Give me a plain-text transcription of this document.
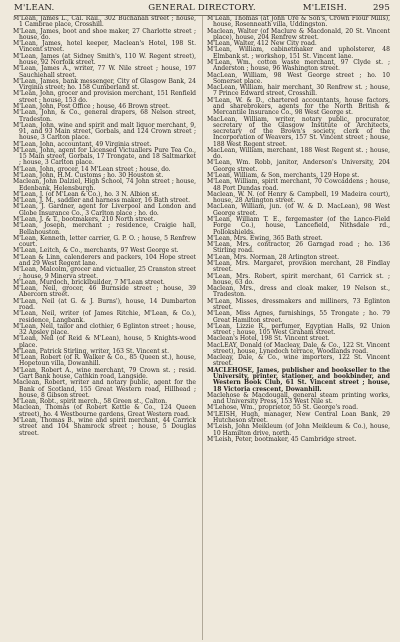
M'LEAN.	GENERAL DIRECTORY.	M'LEISH.	295

M'Lean, James L., Cal. Rail., 302 Buchanan street ; house, 1 Cambrae place, Crosshill.

M'Lean, James, boot and shoe maker, 27 Charlotte street ; house, do.

M'Lean, James, hotel keeper, Maclean's Hotel, 198 St. Vincent street.

M'Lean, James (at Sidney Smith's, 110 W. Regent street), house, 92 Norfolk street.

M'Lean, James A., writer, 77 W. Nile street ; house, 197 Sauchiehall street.

M'Lean, James, bank messenger, City of Glasgow Bank, 24 Virginia street; ho. 158 Cumberland st.

M'Lean, John, grocer and provision merchant, 151 Renfield street ; house, 153 do.

M'Lean, John, Post Office ; house, 46 Brown street.

M'Lean, John, & Co., general drapers, 68 Nelson street, Tradeston.

M'Lean, John, wine and spirit and malt liquor merchant, 9, 91, and 93 Main street, Gorbals, and 124 Crown street ; house, 3 Carlton place.

M'Lean, John, accountant, 49 Virginia street.

M'Lean, John, agent for Licensed Victuallers Pure Tea Co., 15 Main street, Gorbals, 17 Trongate, and 18 Saltmarket ; house, 3 Carlton place.

M'Lean, John, grocer, 14 M'Lean street ; house, do.

M'Lean, John, H.M. Customs ; ho. 30 Houston st.

Maclean, John Dalziel, High School, 74 John street ; house, Edenbank, Helensburgh.

M'Lean, J. (of M'Lean & Co.), ho. 3 N. Albion st.

M'Lean, J. M., saddler and harness maker, 16 Bath street.

M'Lean, J. Gardner, agent for Liverpool and London and Globe Insurance Co., 3 Carlton place ; ho. do.

M'Lean, J. & T., bootmakers, 210 North street.

M'Lean, Joseph, merchant ; residence, Craigie hall, Bellahouston.

M'Lean, Kenneth, letter carrier, G. P. O. ; house, 5 Renfrew court.

M'Lean, Leitch, & Co., merchants, 97 West George st.

M'Lean & Linn, calenderers and packers, 104 Hope street and 29 West Regent lane.

M'Lean, Malcolm, grocer and victualler, 25 Cranston street ; house, 9 Minerva street.

M'Lean, Murdoch, bricklbuilder, 7 M'Lean street.

M'Lean, Neil, grocer, 46 Burnside street ; house, 39 Abercorn street.

M'Lean, Neil (at G. & J. Burns'), house, 14 Dumbarton road.

M'Lean, Neil, writer (of James Ritchie, M'Lean, & Co.), residence, Langbank.

M'Lean, Neil, tailor and clothier, 6 Eglinton street ; house, 32 Apsley place.

M'Lean, Neil (of Reid & M'Lean), house, 5 Knights-wood place.

M'Lean, Patrick Stirling, writer, 163 St. Vincent st.

M'Lean, Robert (of R. Walker & Co., 85 Queen st.), house, Hopetoun villa, Dowanhill.

M'Lean, Robert A., wine merchant, 79 Crown st. ; resid. Gart Bank house, Cathkin road, Langside.

Maclean, Robert, writer and notary public, agent for the Bank of Scotland, 155 Great Western road, Hillhead ; house, 8 Gibson street.

M'Lean, Robt., spirit merch., 58 Green st., Calton.

Maclean, Thomas (of Robert Kettle & Co., 124 Queen street), ho. 4 Westbourne gardens, Great Western road.

M'Lean, Thomas B., wine and spirit merchant, 44 Carrick street and 104 Shamrock street ; house, 5 Douglas street.

M'Lean, Thomas (at John Ure & Son's, Crown Flour Mills), house, Rosenneath villa, Uddingston.

Maclean, Walter (of Maclure & Macdonald, 20 St. Vincent place), house, 204 Renfrew street.

M'Lean, Walter, 412 New City road.

M'Lean, William, cabinetmaker and upholsterer, 48 Elmbank st. ; workshop, 151 St. Vincent lane.

M'Lean, Wm., cotton waste merchant, 97 Clyde st. ; Anderston ; house, 96 Washington street.

MacLean, William, 98 West George street ; ho. 10 Somerset place.

MacLean, William, hair merchant, 30 Renfrew st. ; house, 7 Prince Edward street, Crosshill.

M'Lean, W. & D., chartered accountants, house factors, and sharebrokers, agents for the North British & Mercantile Insurance Co., 98 West George st.

MacLean, William, writer, notary public, procurator, secretary of the Glasgow Institute of Architects, secretary of the Brown's society, clerk of the Incorporation of Weavers, 157 St. Vincent street ; house, 188 West Regent street.

MacLean, William, merchant, 188 West Regent st. ; house, do.

M'Lean, Wm. Robb, janitor, Anderson's University, 204 George street.

M'Lean, William, & Son, merchants, 129 Hope st.

M'Lean, William, spirit merchant, 70 Cowcaddens ; house, 48 Port Dundas road.

Maclean, W. N. (of Henry & Campbell, 19 Madeira court), house, 28 Arlington street.

MacLean, William, jun. (of W. & D. MacLean), 98 West George street.

M'Lean, William T. E., fergemaster (of the Lanco-Field Forge Co.), house, Lancefield, Nithsdale rd., Pollokshields.

M'Lean, Mrs. Ewing, 365 Bath street.

M'Lean, Mrs., contractor, 26 Garngad road ; ho. 136 Stirling road.

M'Lean, Mrs. Norman, 28 Arlington street.

M'Lean, Mrs. Margaret, provision merchant, 28 Findlay street.

M'Lean, Mrs. Robert, spirit merchant, 61 Carrick st. ; house, 63 do.

Maclean, Mrs., dress and cloak maker, 19 Nelson st., Tradeston.

M'Lean, Misses, dressmakers and milliners, 73 Eglinton street.

M'Lean, Miss Agnes, furnishings, 55 Trongate ; ho. 79 Great Hamilton street.

M'Lean, Lizzie R., perfumer, Egyptian Halls, 92 Union street ; house, 105 West Graham street.

Maclean's Hotel, 198 St. Vincent street.

MacLEAY, Donald (of Macleay, Dale, & Co., 122 St. Vincent street), house, Lynedoch terrace, Woodlands road.

Macleay, Dale, & Co., wine importers, 122 St. Vincent street.

MACLEHOSE, James, publisher and bookseller to the University, printer, stationer, and bookbinder, and Western Book Club, 61 St. Vincent street ; house, 18 Victoria crescent, Dowanhill.

Maclehose & Macdougall, general steam printing works, and University Press, 153 West Nile st.

M'Lehose, Wm., proprietor, 55 St. George's road.

M'LEISH, Hugh, manager, New Central Loan Bank, 29 Hutcheson street.

M'Leish, John Meikleum (of John Meikleum & Co.), house, 10 Hamilton drive, north.

M'Leish, Peter, bootmaker, 45 Cambridge street.
